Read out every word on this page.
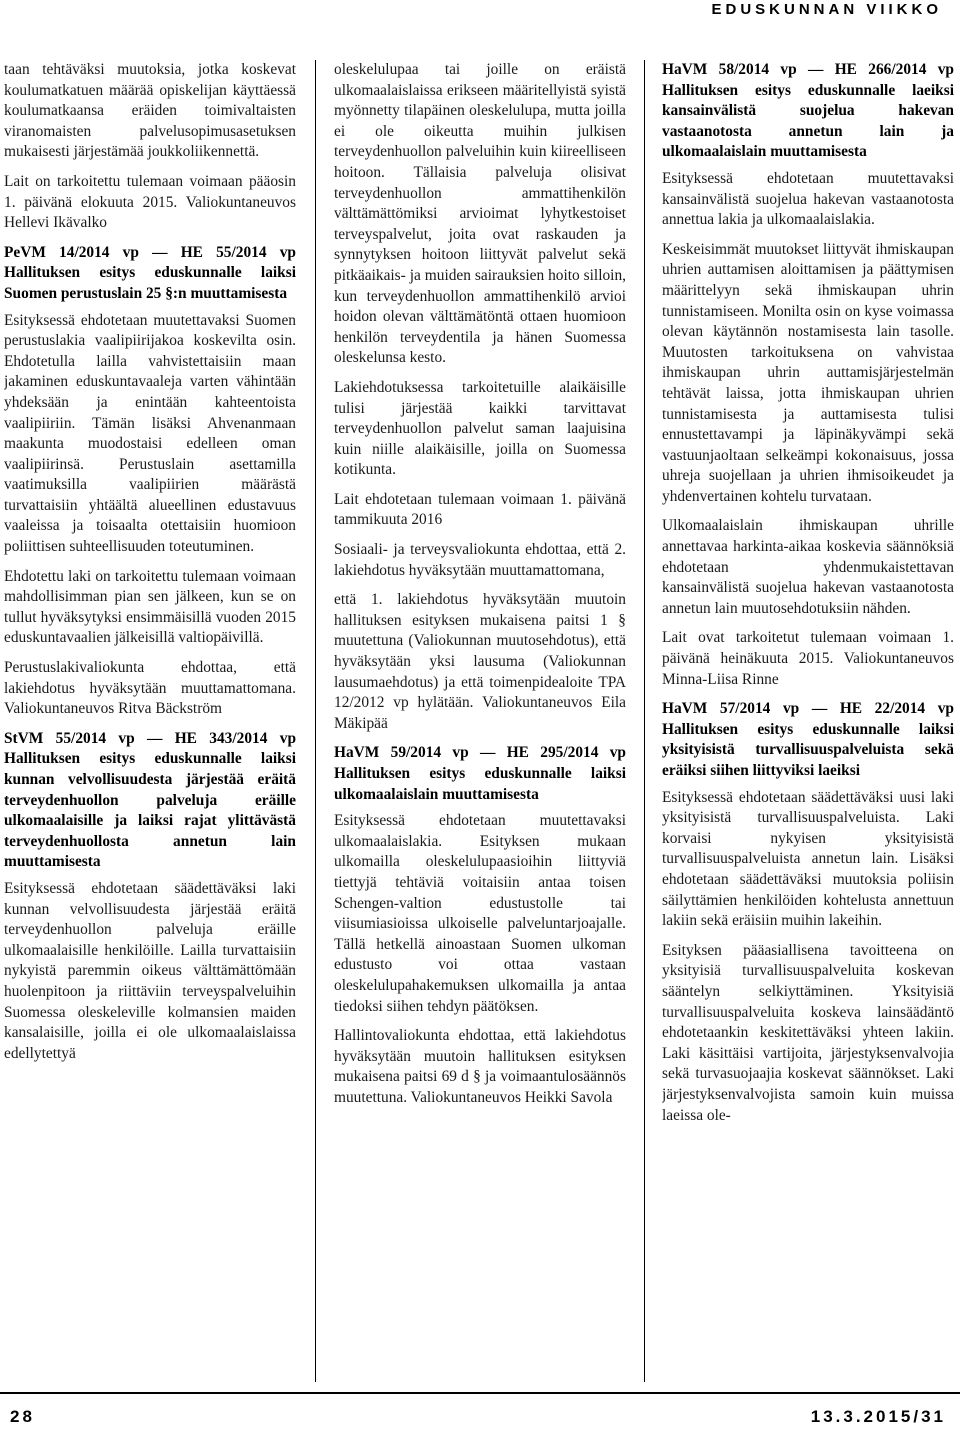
EDUSKUNNAN VIIKKO

taan tehtäväksi muutoksia, jotka koskevat koulumatkatuen määrää opiskelijan käyttäessä koulumatkaansa eräiden toimivaltaisten viranomaisten palvelusopimusasetuksen mukaisesti järjestämää joukkoliikennettä.

Lait on tarkoitettu tulemaan voimaan pääosin 1. päivänä elokuuta 2015. Valiokuntaneuvos Hellevi Ikävalko

PeVM 14/2014 vp — HE 55/2014 vp Hallituksen esitys eduskunnalle laiksi Suomen perustuslain 25 §:n muuttamisesta

Esityksessä ehdotetaan muutettavaksi Suomen perustuslakia vaalipiirijakoa koskevilta osin. Ehdotetulla lailla vahvistettaisiin maan jakaminen eduskuntavaaleja varten vähintään yhdeksään ja enintään kahteentoista vaalipiiriin. Tämän lisäksi Ahvenanmaan maakunta muodostaisi edelleen oman vaalipiirinsä. Perustuslain asettamilla vaatimuksilla vaalipiirien määrästä turvattaisiin yhtäältä alueellinen edustavuus vaaleissa ja toisaalta otettaisiin huomioon poliittisen suhteellisuuden toteutuminen.

Ehdotettu laki on tarkoitettu tulemaan voimaan mahdollisimman pian sen jälkeen, kun se on tullut hyväksytyksi ensimmäisillä vuoden 2015 eduskuntavaalien jälkeisillä valtiopäivillä.

Perustuslakivaliokunta ehdottaa, että lakiehdotus hyväksytään muuttamattomana. Valiokuntaneuvos Ritva Bäckström

StVM 55/2014 vp — HE 343/2014 vp Hallituksen esitys eduskunnalle laiksi kunnan velvollisuudesta järjestää eräitä terveydenhuollon palveluja eräille ulkomaalaisille ja laiksi rajat ylittävästä terveydenhuollosta annetun lain muuttamisesta

Esityksessä ehdotetaan säädettäväksi laki kunnan velvollisuudesta järjestää eräitä terveydenhuollon palveluja eräille ulkomaalaisille henkilöille. Lailla turvattaisiin nykyistä paremmin oikeus välttämättömään huolenpitoon ja riittäviin terveyspalveluihin Suomessa oleskeleville kolmansien maiden kansalaisille, joilla ei ole ulkomaalaislaissa edellytettyä

oleskelulupaa tai joille on eräistä ulkomaalaislaissa erikseen määritellyistä syistä myönnetty tilapäinen oleskelulupa, mutta joilla ei ole oikeutta muihin julkisen terveydenhuollon palveluihin kuin kiireelliseen hoitoon. Tällaisia palveluja olisivat terveydenhuollon ammattihenkilön välttämättömiksi arvioimat lyhytkestoiset terveyspalvelut, joita ovat raskauden ja synnytyksen hoitoon liittyvät palvelut sekä pitkäaikais- ja muiden sairauksien hoito silloin, kun terveydenhuollon ammattihenkilö arvioi hoidon olevan välttämätöntä ottaen huomioon henkilön terveydentila ja hänen Suomessa oleskelunsa kesto.

Lakiehdotuksessa tarkoitetuille alaikäisille tulisi järjestää kaikki tarvittavat terveydenhuollon palvelut saman laajuisina kuin niille alaikäisille, joilla on Suomessa kotikunta.

Lait ehdotetaan tulemaan voimaan 1. päivänä tammikuuta 2016

Sosiaali- ja terveysvaliokunta ehdottaa, että 2. lakiehdotus hyväksytään muuttamattomana,

että 1. lakiehdotus hyväksytään muutoin hallituksen esityksen mukaisena paitsi 1 § muutettuna (Valiokunnan muutosehdotus), että hyväksytään yksi lausuma (Valiokunnan lausumaehdotus) ja että toimenpidealoite TPA 12/2012 vp hylätään. Valiokuntaneuvos Eila Mäkipää

HaVM 59/2014 vp — HE 295/2014 vp Hallituksen esitys eduskunnalle laiksi ulkomaalaislain muuttamisesta

Esityksessä ehdotetaan muutettavaksi ulkomaalaislakia. Esityksen mukaan ulkomailla oleskelulupaasioihin liittyviä tiettyjä tehtäviä voitaisiin antaa toisen Schengen-valtion edustustolle tai viisumiasioissa ulkoiselle palveluntarjoajalle. Tällä hetkellä ainoastaan Suomen ulkoman edustusto voi ottaa vastaan oleskelulupahakemuksen ulkomailla ja antaa tiedoksi siihen tehdyn päätöksen.

Hallintovaliokunta ehdottaa, että lakiehdotus hyväksytään muutoin hallituksen esityksen mukaisena paitsi 69 d § ja voimaantulosäännös muutettuna. Valiokuntaneuvos Heikki Savola

HaVM 58/2014 vp — HE 266/2014 vp Hallituksen esitys eduskunnalle laeiksi kansainvälistä suojelua hakevan vastaanotosta annetun lain ja ulkomaalaislain muuttamisesta

Esityksessä ehdotetaan muutettavaksi kansainvälistä suojelua hakevan vastaanotosta annettua lakia ja ulkomaalaislakia.

Keskeisimmät muutokset liittyvät ihmiskaupan uhrien auttamisen aloittamisen ja päättymisen määrittelyyn sekä ihmiskaupan uhrin tunnistamiseen. Monilta osin on kyse voimassa olevan käytännön nostamisesta lain tasolle. Muutosten tarkoituksena on vahvistaa ihmiskaupan uhrin auttamisjärjestelmän tehtävät laissa, jotta ihmiskaupan uhrien tunnistamisesta ja auttamisesta tulisi ennustettavampi ja läpinäkyvämpi sekä vastuunjaoltaan selkeämpi kokonaisuus, jossa uhreja suojellaan ja uhrien ihmisoikeudet ja yhdenvertainen kohtelu turvataan.

Ulkomaalaislain ihmiskaupan uhrille annettavaa harkinta-aikaa koskevia säännöksiä ehdotetaan yhdenmukaistettavan kansainvälistä suojelua hakevan vastaanotosta annetun lain muutosehdotuksiin nähden.

Lait ovat tarkoitetut tulemaan voimaan 1. päivänä heinäkuuta 2015. Valiokuntaneuvos Minna-Liisa Rinne

HaVM 57/2014 vp — HE 22/2014 vp Hallituksen esitys eduskunnalle laiksi yksityisistä turvallisuuspalveluista sekä eräiksi siihen liittyviksi laeiksi

Esityksessä ehdotetaan säädettäväksi uusi laki yksityisistä turvallisuuspalveluista. Laki korvaisi nykyisen yksityisistä turvallisuuspalveluista annetun lain. Lisäksi ehdotetaan säädettäväksi muutoksia poliisin säilyttämien henkilöiden kohtelusta annettuun lakiin sekä eräisiin muihin lakeihin.

Esityksen pääasiallisena tavoitteena on yksityisiä turvallisuuspalveluita koskevan sääntelyn selkiyttäminen. Yksityisiä turvallisuuspalveluita koskeva lainsäädäntö ehdotetaankin keskitettäväksi yhteen lakiin. Laki käsittäisi vartijoita, järjestyksenvalvojia sekä turvasuojaajia koskevat säännökset. Laki järjestyksenvalvojista samoin kuin muissa laeissa ole-

28	13.3.2015/31
